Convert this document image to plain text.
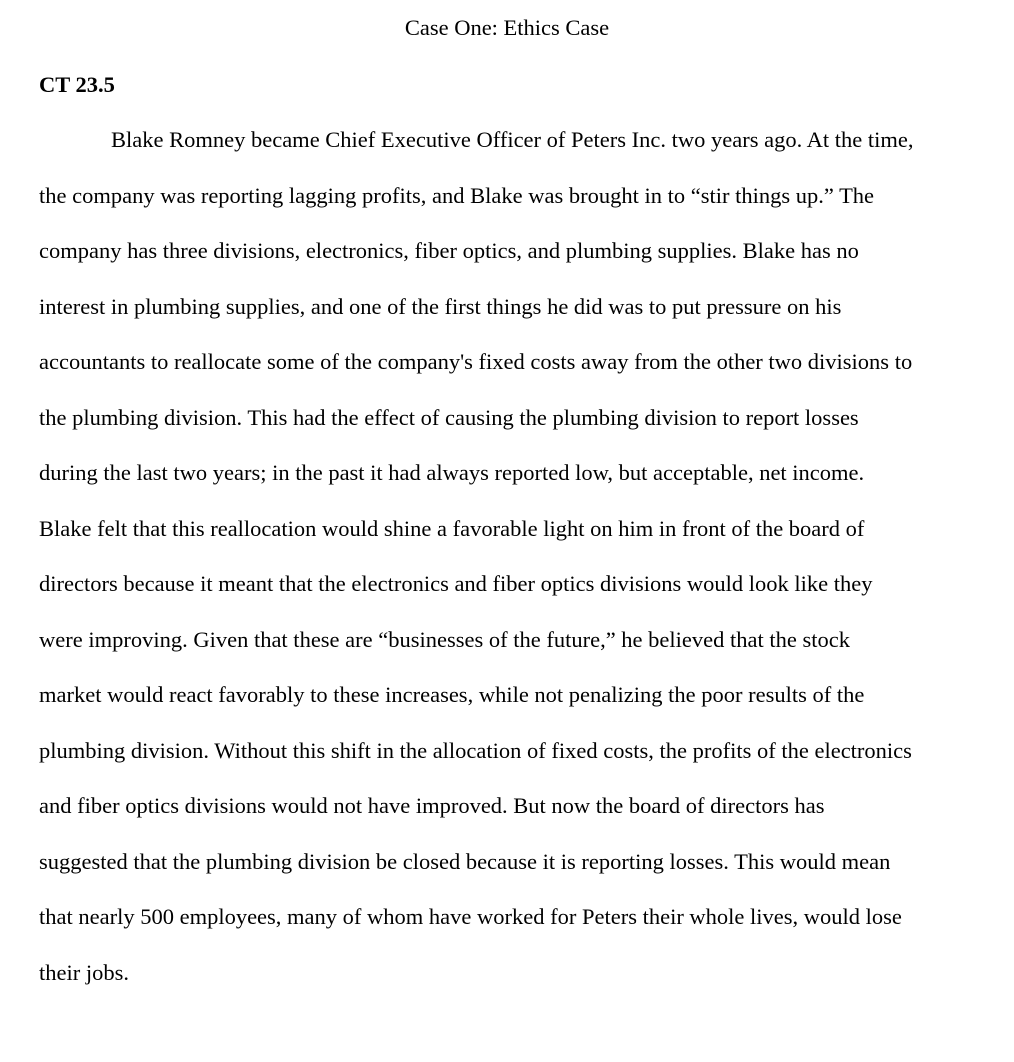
Case One: Ethics Case
CT 23.5
Blake Romney became Chief Executive Officer of Peters Inc. two years ago. At the time,
the company was reporting lagging profits, and Blake was brought in to “stir things up.” The
company has three divisions, electronics, fiber optics, and plumbing supplies. Blake has no
interest in plumbing supplies, and one of the first things he did was to put pressure on his
accountants to reallocate some of the company's fixed costs away from the other two divisions to
the plumbing division. This had the effect of causing the plumbing division to report losses
during the last two years; in the past it had always reported low, but acceptable, net income.
Blake felt that this reallocation would shine a favorable light on him in front of the board of
directors because it meant that the electronics and fiber optics divisions would look like they
were improving. Given that these are “businesses of the future,” he believed that the stock
market would react favorably to these increases, while not penalizing the poor results of the
plumbing division. Without this shift in the allocation of fixed costs, the profits of the electronics
and fiber optics divisions would not have improved. But now the board of directors has
suggested that the plumbing division be closed because it is reporting losses. This would mean
that nearly 500 employees, many of whom have worked for Peters their whole lives, would lose
their jobs.
